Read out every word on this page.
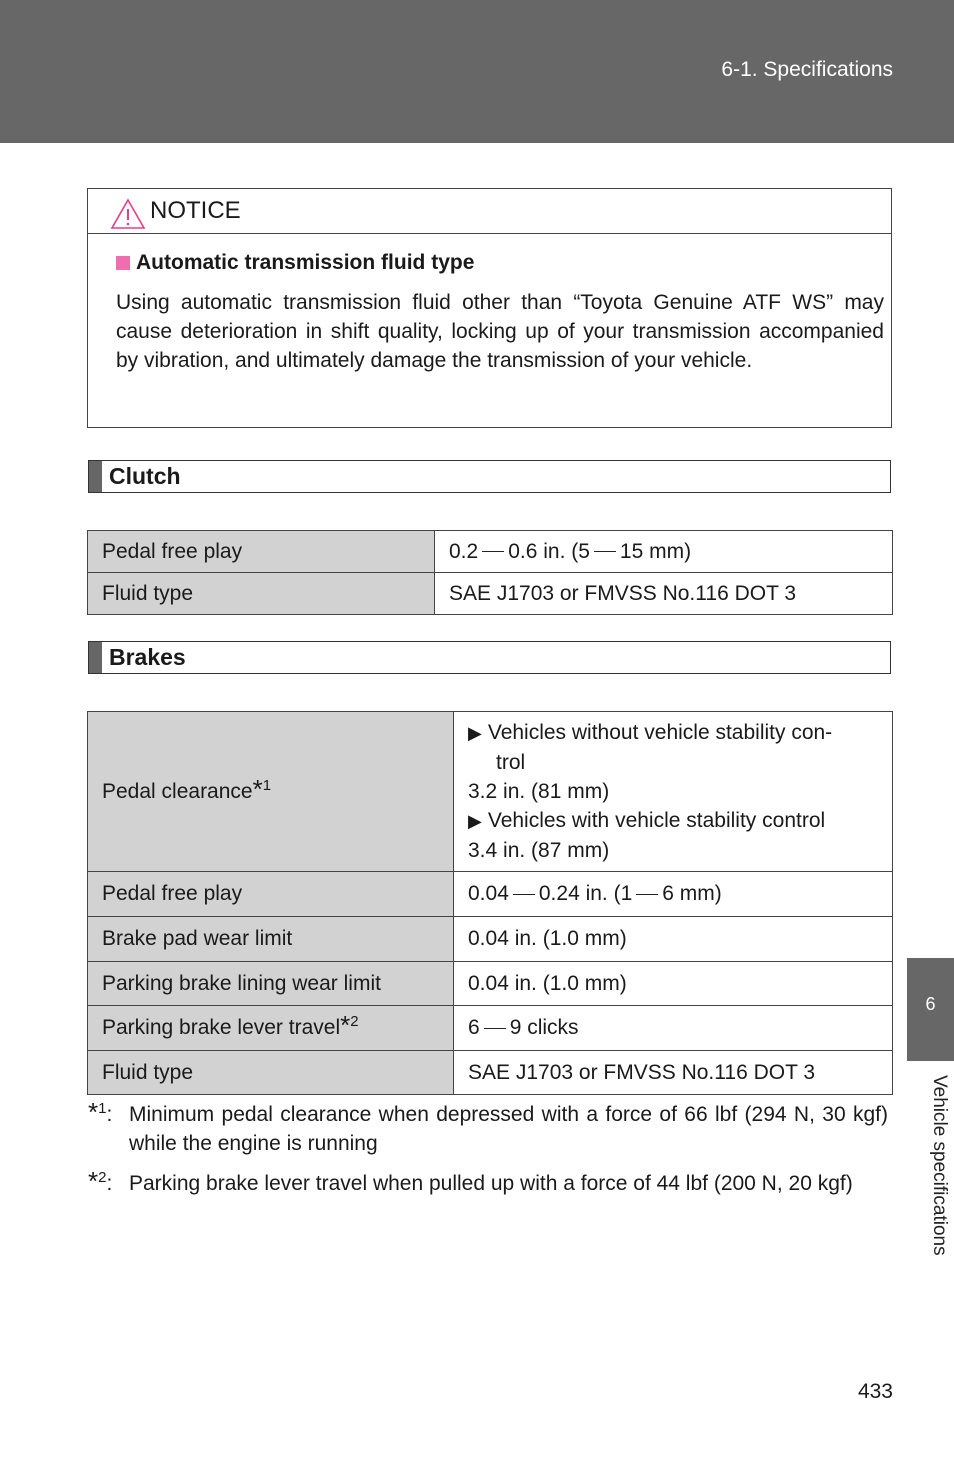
6-1. Specifications
NOTICE
Automatic transmission fluid type
Using automatic transmission fluid other than “Toyota Genuine ATF WS” may cause deterioration in shift quality, locking up of your transmission accompanied by vibration, and ultimately damage the transmission of your vehicle.
Clutch
Pedal free play	0.2 0.6 in. (5 15 mm)
Fluid type	SAE J1703 or FMVSS No.116 DOT 3
Brakes
Pedal clearance*$^1$	▶ Vehicles without vehicle stability con-
trol
3.2 in. (81 mm)
▶ Vehicles with vehicle stability control
3.4 in. (87 mm)

Pedal free play	0.04 0.24 in. (1 6 mm)
Brake pad wear limit	0.04 in. (1.0 mm)
Parking brake lining wear limit	0.04 in. (1.0 mm)
Parking brake lever travel*$^2$	6 9 clicks
Fluid type	SAE J1703 or FMVSS No.116 DOT 3
*$^1$: Minimum pedal clearance when depressed with a force of 66 lbf (294 N, 30 kgf) while the engine is running
*$^2$: Parking brake lever travel when pulled up with a force of 44 lbf (200 N, 20 kgf)
6
Vehicle specifications
433
